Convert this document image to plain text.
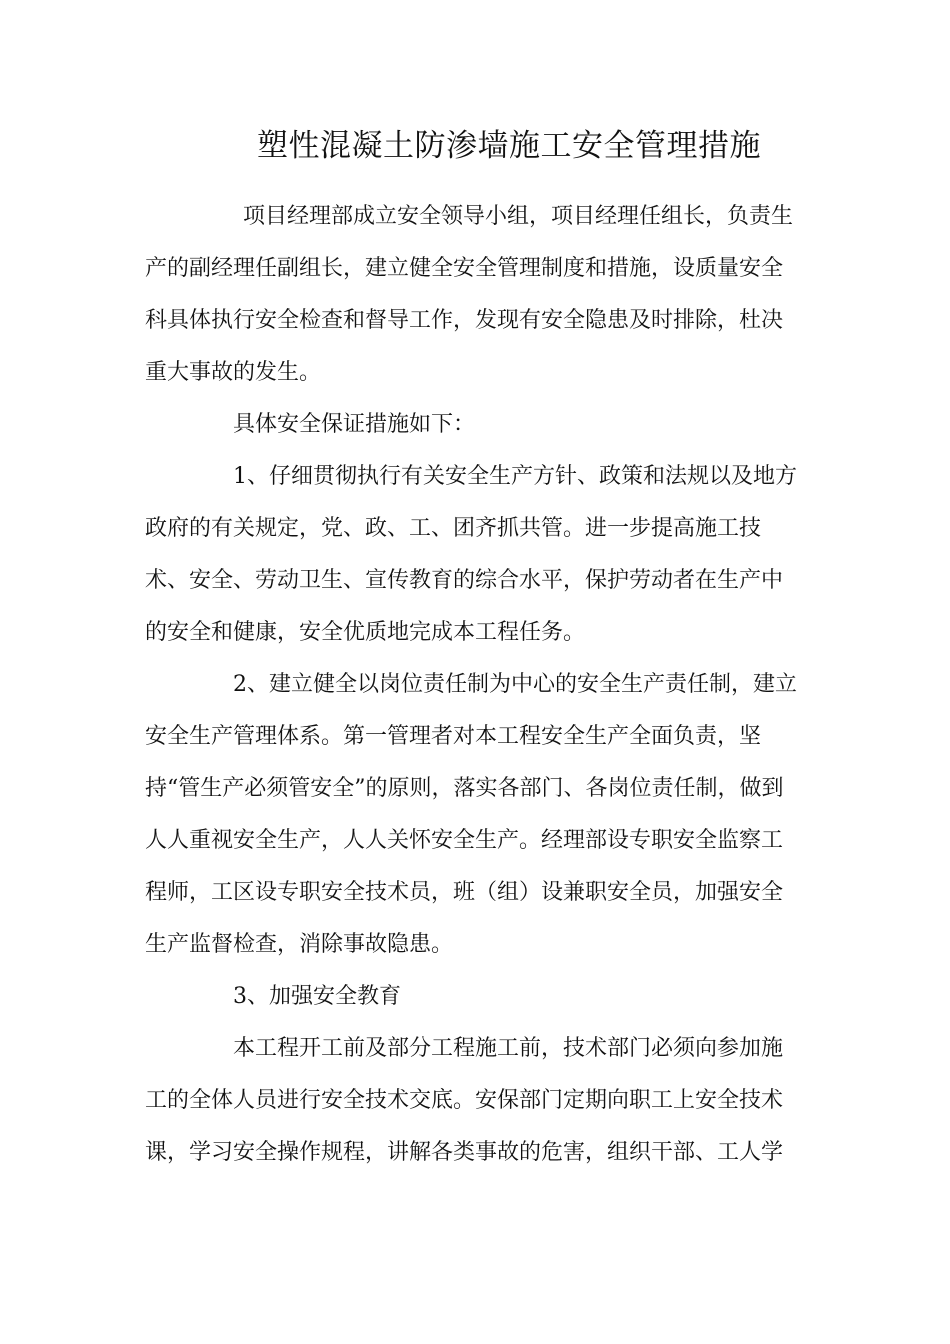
塑性混凝土防渗墙施工安全管理措施
项目经理部成立安全领导小组，项目经理任组长，负责生
产的副经理任副组长，建立健全安全管理制度和措施，设质量安全
科具体执行安全检查和督导工作，发现有安全隐患及时排除，杜决
重大事故的发生。
具体安全保证措施如下：
1、仔细贯彻执行有关安全生产方针、政策和法规以及地方
政府的有关规定，党、政、工、团齐抓共管。进一步提高施工技
术、安全、劳动卫生、宣传教育的综合水平，保护劳动者在生产中
的安全和健康，安全优质地完成本工程任务。
2、建立健全以岗位责任制为中心的安全生产责任制，建立
安全生产管理体系。第一管理者对本工程安全生产全面负责，坚
持“管生产必须管安全”的原则，落实各部门、各岗位责任制，做到
人人重视安全生产，人人关怀安全生产。经理部设专职安全监察工
程师，工区设专职安全技术员，班（组）设兼职安全员，加强安全
生产监督检查，消除事故隐患。
3、加强安全教育
本工程开工前及部分工程施工前，技术部门必须向参加施
工的全体人员进行安全技术交底。安保部门定期向职工上安全技术
课，学习安全操作规程，讲解各类事故的危害，组织干部、工人学
